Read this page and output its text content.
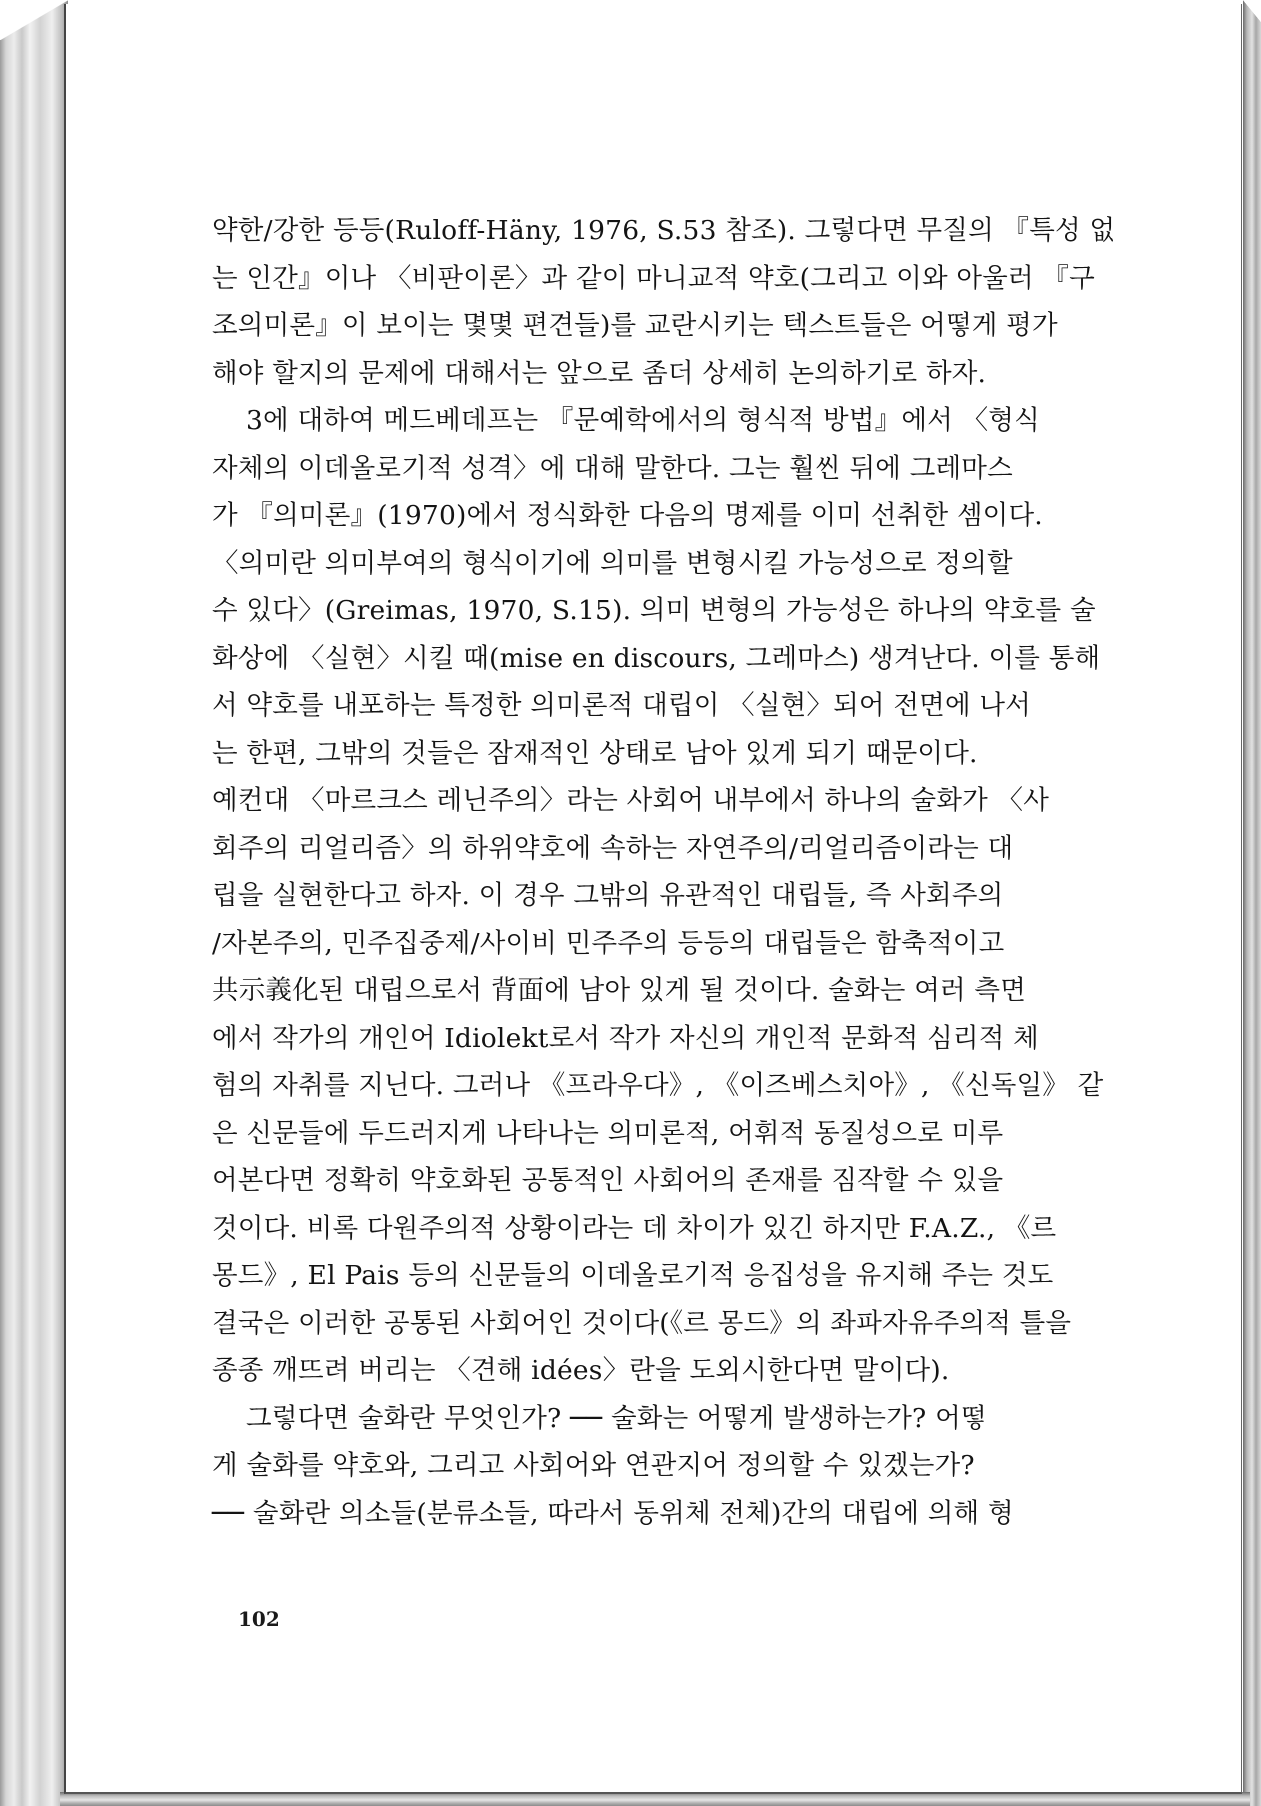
약한/강한 등등(Ruloff-Häny, 1976, S.53 참조). 그렇다면 무질의 『특성 없
는 인간』이나 〈비판이론〉과 같이 마니교적 약호(그리고 이와 아울러 『구
조의미론』이 보이는 몇몇 편견들)를 교란시키는 텍스트들은 어떻게 평가
해야 할지의 문제에 대해서는 앞으로 좀더 상세히 논의하기로 하자.
3에 대하여 메드베데프는 『문예학에서의 형식적 방법』에서 〈형식
자체의 이데올로기적 성격〉에 대해 말한다. 그는 훨씬 뒤에 그레마스
가 『의미론』(1970)에서 정식화한 다음의 명제를 이미 선취한 셈이다.
〈의미란 의미부여의 형식이기에 의미를 변형시킬 가능성으로 정의할
수 있다〉(Greimas, 1970, S.15). 의미 변형의 가능성은 하나의 약호를 술
화상에 〈실현〉시킬 때(mise en discours, 그레마스) 생겨난다. 이를 통해
서 약호를 내포하는 특정한 의미론적 대립이 〈실현〉되어 전면에 나서
는 한편, 그밖의 것들은 잠재적인 상태로 남아 있게 되기 때문이다.
예컨대 〈마르크스 레닌주의〉라는 사회어 내부에서 하나의 술화가 〈사
회주의 리얼리즘〉의 하위약호에 속하는 자연주의/리얼리즘이라는 대
립을 실현한다고 하자. 이 경우 그밖의 유관적인 대립들, 즉 사회주의
/자본주의, 민주집중제/사이비 민주주의 등등의 대립들은 함축적이고
共示義化된 대립으로서 背面에 남아 있게 될 것이다. 술화는 여러 측면
에서 작가의 개인어 Idiolekt로서 작가 자신의 개인적 문화적 심리적 체
험의 자취를 지닌다. 그러나 《프라우다》, 《이즈베스치아》, 《신독일》 같
은 신문들에 두드러지게 나타나는 의미론적, 어휘적 동질성으로 미루
어본다면 정확히 약호화된 공통적인 사회어의 존재를 짐작할 수 있을
것이다. 비록 다원주의적 상황이라는 데 차이가 있긴 하지만 F.A.Z., 《르
몽드》, El Pais 등의 신문들의 이데올로기적 응집성을 유지해 주는 것도
결국은 이러한 공통된 사회어인 것이다(《르 몽드》의 좌파자유주의적 틀을
종종 깨뜨려 버리는 〈견해 idées〉란을 도외시한다면 말이다).
그렇다면 술화란 무엇인가? ── 술화는 어떻게 발생하는가? 어떻
게 술화를 약호와, 그리고 사회어와 연관지어 정의할 수 있겠는가?
── 술화란 의소들(분류소들, 따라서 동위체 전체)간의 대립에 의해 형
102
